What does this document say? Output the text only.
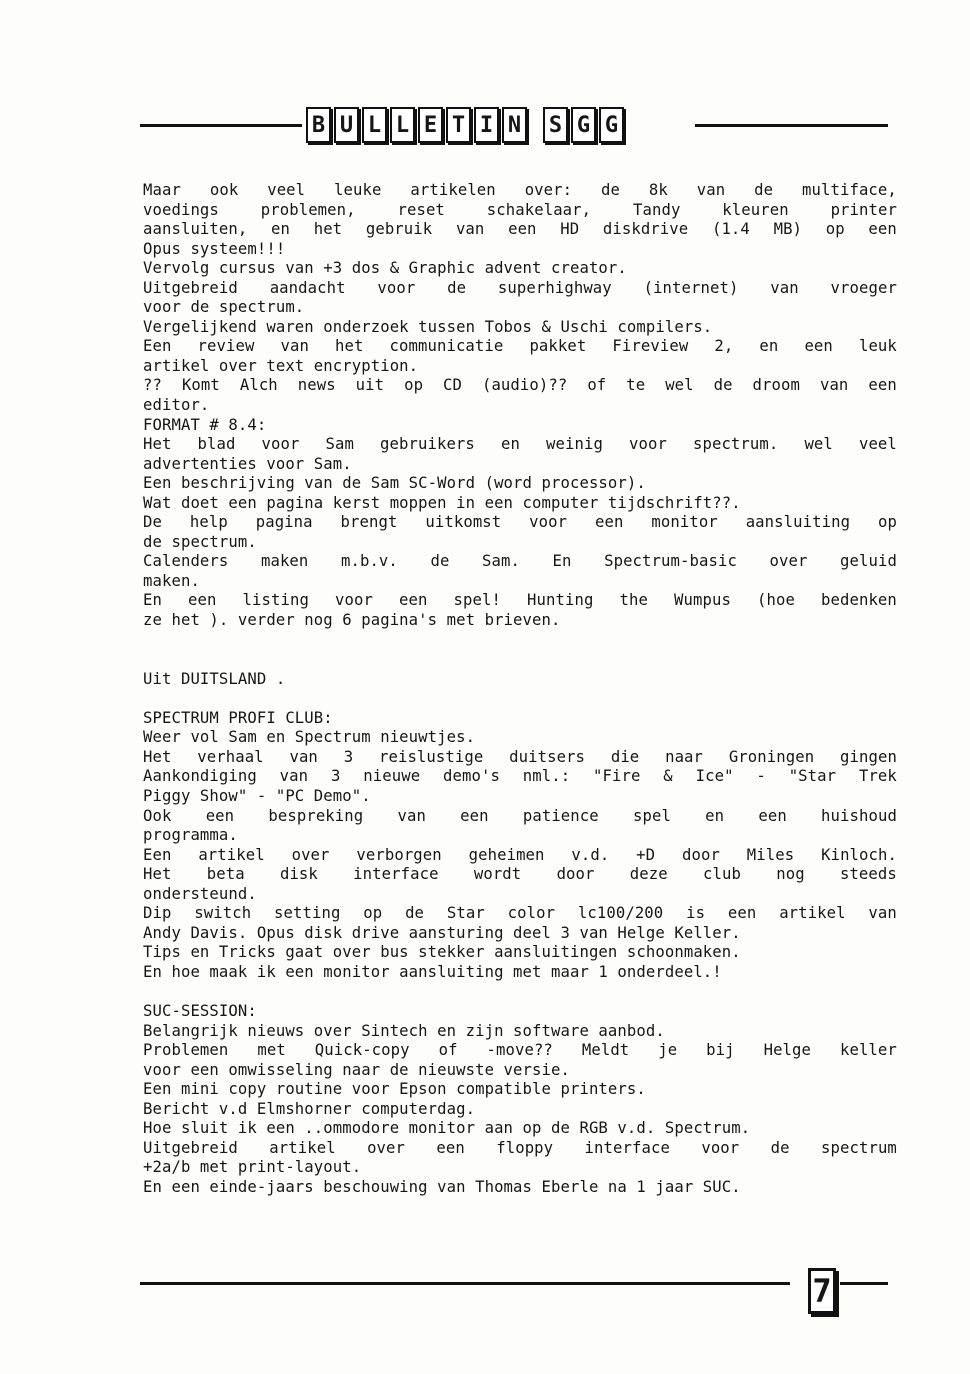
B U L L E T I N S G G
Maar ook veel leuke artikelen over: de 8k van de multiface,
voedings	problemen,	reset	schakelaar,	Tandy	kleuren	printer
aansluiten, en het gebruik van een HD diskdrive (1.4 MB) op een
Opus systeem!!!
Vervolg cursus van +3 dos & Graphic advent creator.
Uitgebreid aandacht voor de superhighway (internet) van vroeger
voor de spectrum.
Vergelijkend waren onderzoek tussen Tobos & Uschi compilers.
Een review van het communicatie pakket Fireview 2, en een leuk
artikel over text encryption.
?? Komt Alch news uit op CD (audio)?? of te wel de droom van een
editor.
FORMAT # 8.4:
Het blad voor Sam gebruikers en weinig voor spectrum. wel veel
advertenties voor Sam.
Een beschrijving van de Sam SC-Word (word processor).
Wat doet een pagina kerst moppen in een computer tijdschrift??.
De help pagina brengt uitkomst voor een monitor aansluiting op
de spectrum.
Calenders maken m.b.v. de Sam. En Spectrum-basic over geluid
maken.
En een listing voor een spel! Hunting the Wumpus (hoe bedenken
ze het ). verder nog 6 pagina's met brieven.
Uit DUITSLAND .
SPECTRUM PROFI CLUB:
Weer vol Sam en Spectrum nieuwtjes.
Het verhaal van 3 reislustige duitsers die naar Groningen gingen
Aankondiging van 3 nieuwe demo's nml.: "Fire & Ice" - "Star Trek
Piggy Show" - "PC Demo".
Ook een bespreking van een patience spel en een huishoud
programma.
Een artikel over verborgen geheimen v.d. +D door Miles Kinloch.
Het beta disk interface wordt door deze club nog steeds
ondersteund.
Dip switch setting op de Star color lc100/200 is een artikel van
Andy Davis. Opus disk drive aansturing deel 3 van Helge Keller.
Tips en Tricks gaat over bus stekker aansluitingen schoonmaken.
En hoe maak ik een monitor aansluiting met maar 1 onderdeel.!
SUC-SESSION:
Belangrijk nieuws over Sintech en zijn software aanbod.
Problemen met Quick-copy of -move?? Meldt je bij Helge keller
voor een omwisseling naar de nieuwste versie.
Een mini copy routine voor Epson compatible printers.
Bericht v.d Elmshorner computerdag.
Hoe sluit ik een ..ommodore monitor aan op de RGB v.d. Spectrum.
Uitgebreid artikel over een floppy interface voor de spectrum
+2a/b met print-layout.
En een einde-jaars beschouwing van Thomas Eberle na 1 jaar SUC.
7
